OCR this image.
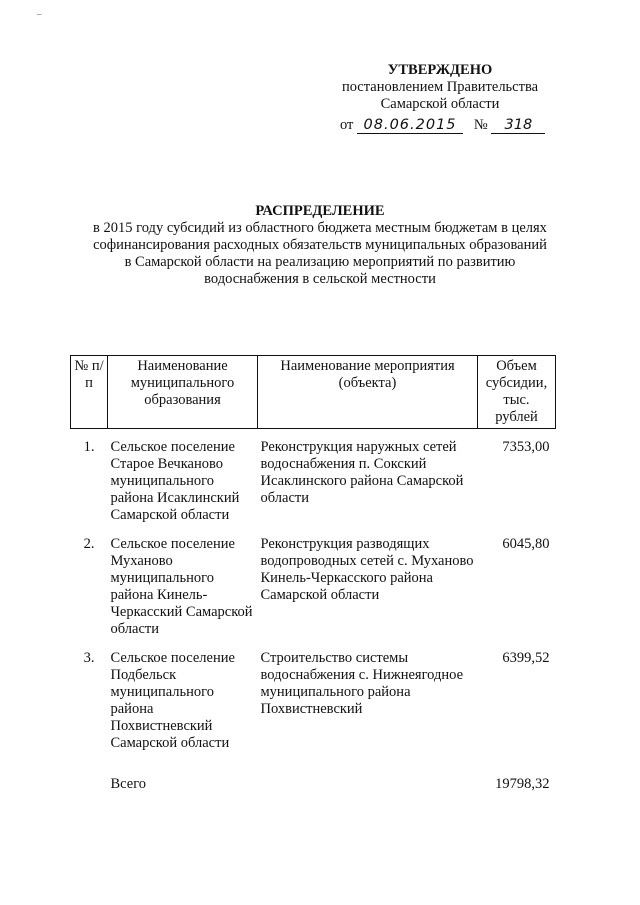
–
УТВЕРЖДЕНО
постановлением Правительства
Самарской области
от 08.06.2015 № 318
РАСПРЕДЕЛЕНИЕ
в 2015 году субсидий из областного бюджета местным бюджетам в целях
софинансирования расходных обязательств муниципальных образований
в Самарской области на реализацию мероприятий по развитию
водоснабжения в сельской местности
№ п/п	Наименование муниципального образования	Наименование мероприятия (объекта)	Объем субсидии, тыс. рублей
1.	Сельское поселение Старое Вечканово муниципального района Исаклинский Самарской области	Реконструкция наружных сетей водоснабжения п. Сокский Исаклинского района Самарской области	7353,00
2.	Сельское поселение Муханово муниципального района Кинель-Черкасский Самарской области	Реконструкция разводящих водопроводных сетей с. Муханово Кинель-Черкасского района Самарской области	6045,80
3.	Сельское поселение Подбельск муниципального района Похвистневский Самарской области	Строительство системы водоснабжения с. Нижнеягодное муниципального района Похвистневский	6399,52
	Всего		19798,32
